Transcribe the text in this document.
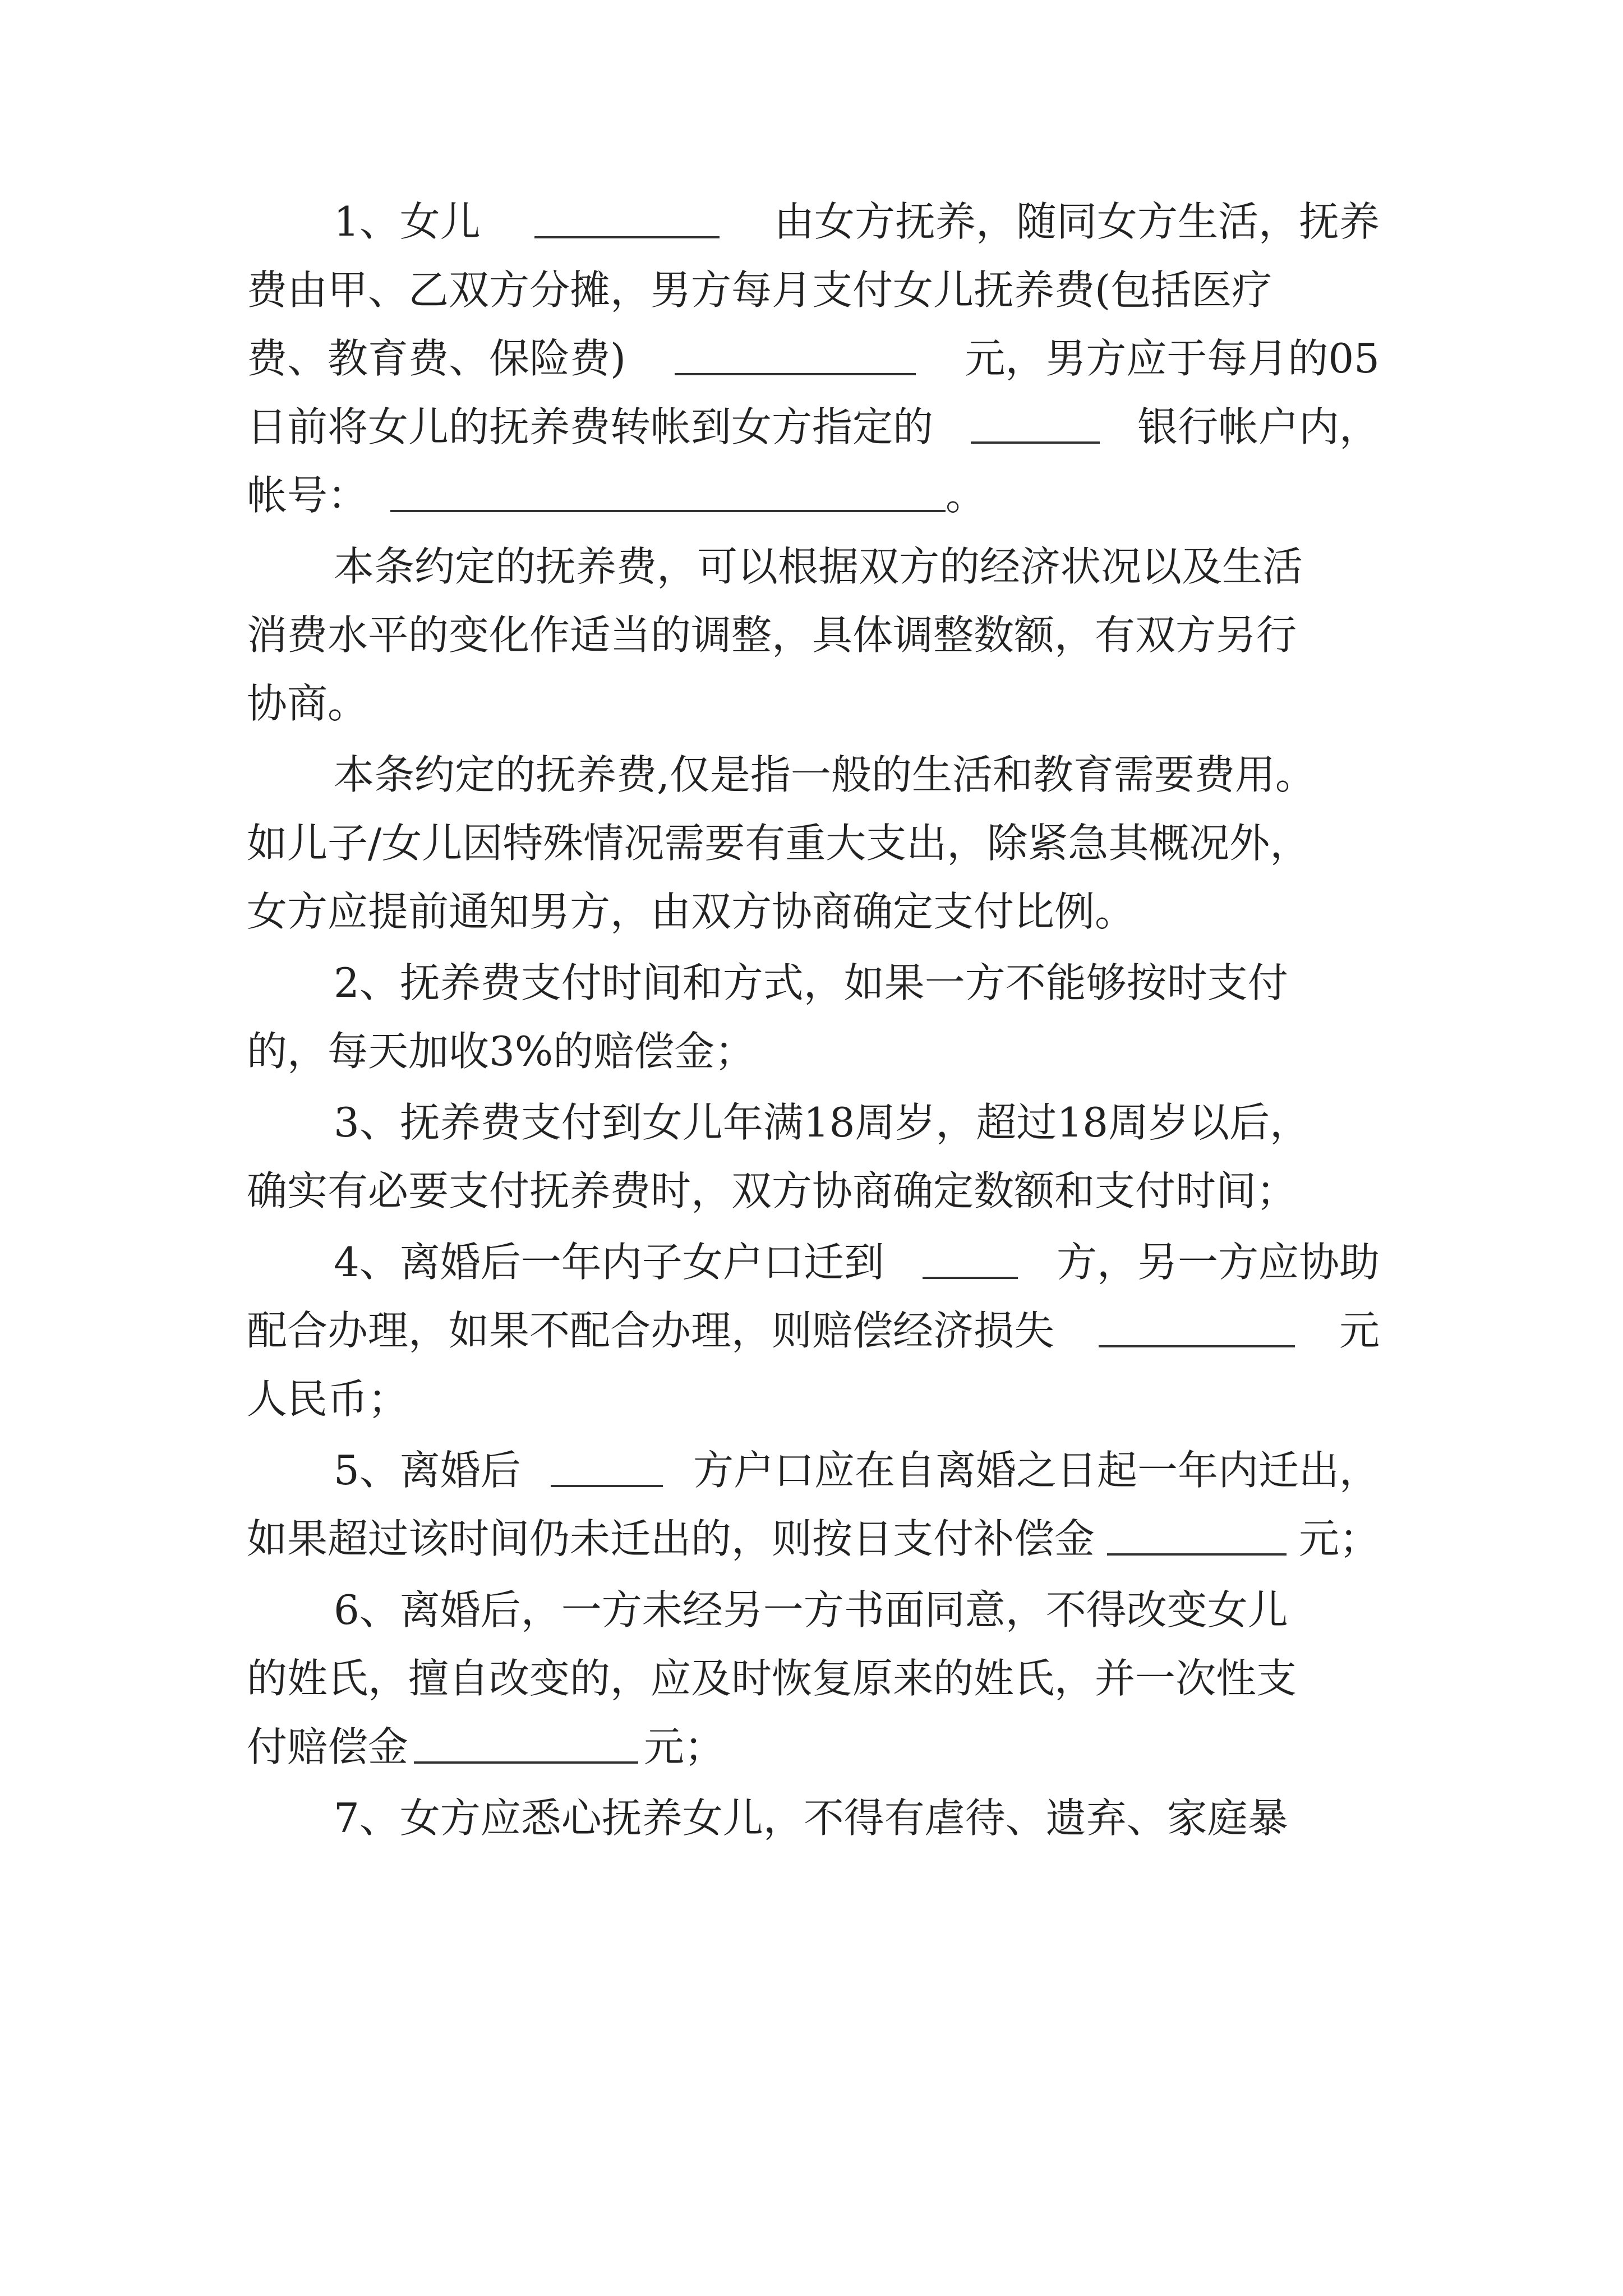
1、女儿	由女方抚养，随同女方生活，抚养
费由甲、乙双方分摊，男方每月支付女儿抚养费(包括医疗
费、教育费、保险费)	元，男方应于每月的05
日前将女儿的抚养费转帐到女方指定的	银行帐户内，
帐号：	。
本条约定的抚养费，可以根据双方的经济状况以及生活
消费水平的变化作适当的调整，具体调整数额，有双方另行
协商。
本条约定的抚养费,仅是指一般的生活和教育需要费用。
如儿子/女儿因特殊情况需要有重大支出，除紧急其概况外，
女方应提前通知男方，由双方协商确定支付比例。
2、抚养费支付时间和方式，如果一方不能够按时支付
的，每天加收3%的赔偿金；
3、抚养费支付到女儿年满18周岁，超过18周岁以后，
确实有必要支付抚养费时，双方协商确定数额和支付时间；
4、离婚后一年内子女户口迁到	方，另一方应协助
配合办理，如果不配合办理，则赔偿经济损失	元
人民币；
5、离婚后	方户口应在自离婚之日起一年内迁出，
如果超过该时间仍未迁出的，则按日支付补偿金	元；
6、离婚后，一方未经另一方书面同意，不得改变女儿
的姓氏，擅自改变的，应及时恢复原来的姓氏，并一次性支
付赔偿金	元；
7、女方应悉心抚养女儿，不得有虐待、遗弃、家庭暴
